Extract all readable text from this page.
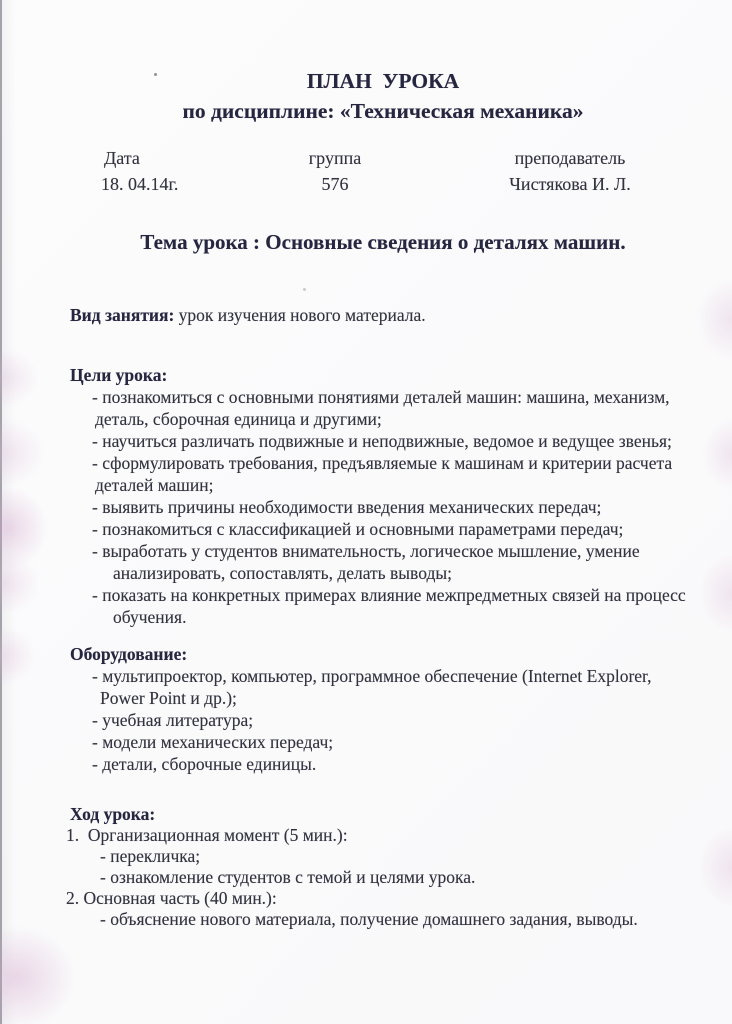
ПЛАН  УРОКА
по дисциплине: «Техническая механика»
Дата
18. 04.14г.
группа
576
преподаватель
Чистякова И. Л.
Тема урока : Основные сведения о деталях машин.
Вид занятия: урок изучения нового материала.
Цели урока:
- познакомиться с основными понятиями деталей машин: машина, механизм,
деталь, сборочная единица и другими;
- научиться различать подвижные и неподвижные, ведомое и ведущее звенья;
- сформулировать требования, предъявляемые к машинам и критерии расчета
деталей машин;
- выявить причины необходимости введения механических передач;
- познакомиться с классификацией и основными параметрами передач;
- выработать у студентов внимательность, логическое мышление, умение
анализировать, сопоставлять, делать выводы;
- показать на конкретных примерах влияние межпредметных связей на процесс
обучения.
Оборудование:
- мультипроектор, компьютер, программное обеспечение (Internet Explorer,
Power Point и др.);
- учебная литература;
- модели механических передач;
- детали, сборочные единицы.
Ход урока:
1.  Организационная момент (5 мин.):
- перекличка;
- ознакомление студентов с темой и целями урока.
2. Основная часть (40 мин.):
- объяснение нового материала, получение домашнего задания, выводы.
